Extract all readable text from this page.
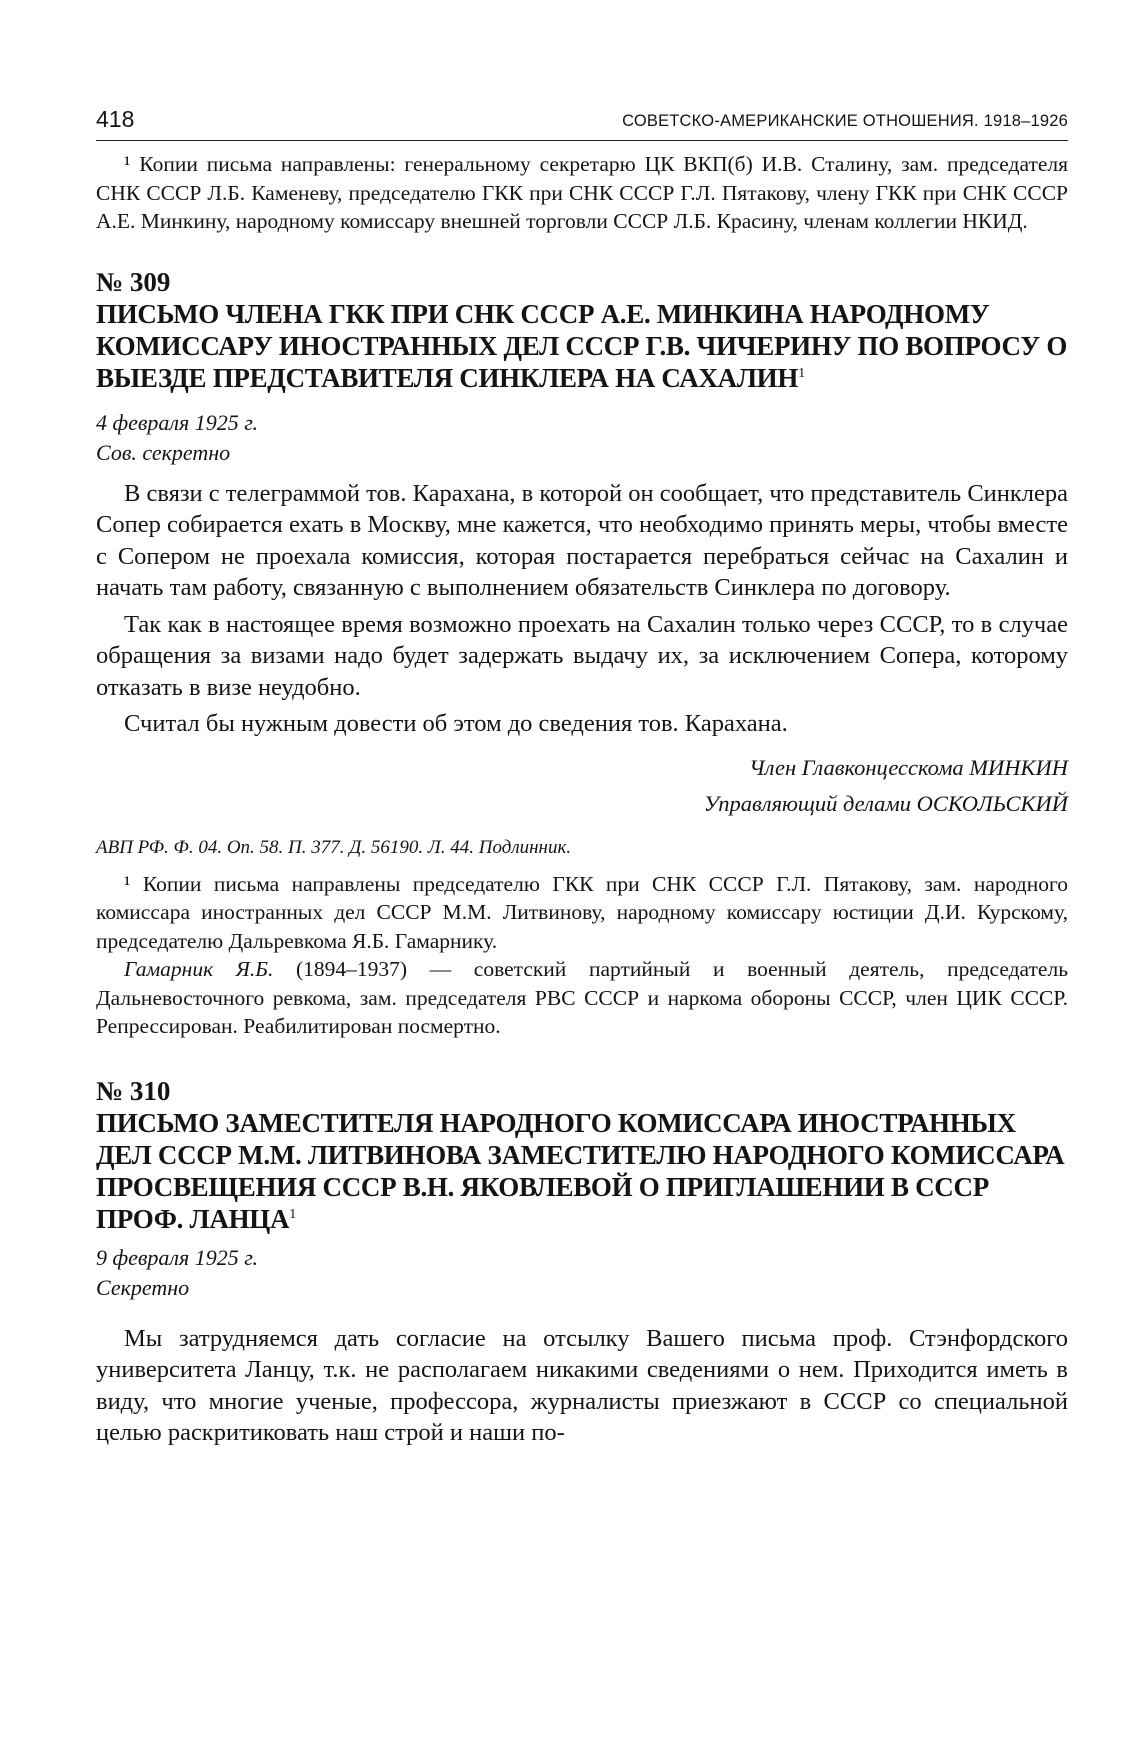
418	СОВЕТСКО-АМЕРИКАНСКИЕ ОТНОШЕНИЯ. 1918–1926

¹ Копии письма направлены: генеральному секретарю ЦК ВКП(б) И.В. Сталину, зам. председателя СНК СССР Л.Б. Каменеву, председателю ГКК при СНК СССР Г.Л. Пятакову, члену ГКК при СНК СССР А.Е. Минкину, народному комиссару внешней торговли СССР Л.Б. Красину, членам коллегии НКИД.

№ 309

ПИСЬМО ЧЛЕНА ГКК ПРИ СНК СССР А.Е. МИНКИНА НАРОДНОМУ КОМИССАРУ ИНОСТРАННЫХ ДЕЛ СССР Г.В. ЧИЧЕРИНУ ПО ВОПРОСУ О ВЫЕЗДЕ ПРЕДСТАВИТЕЛЯ СИНКЛЕРА НА САХАЛИН$^1$

4 февраля 1925 г.

Сов. секретно

В связи с телеграммой тов. Карахана, в которой он сообщает, что представитель Синклера Сопер собирается ехать в Москву, мне кажется, что необходимо принять меры, чтобы вместе с Сопером не проехала комиссия, которая постарается перебраться сейчас на Сахалин и начать там работу, связанную с выполнением обязательств Синклера по договору.

Так как в настоящее время возможно проехать на Сахалин только через СССР, то в случае обращения за визами надо будет задержать выдачу их, за исключением Сопера, которому отказать в визе неудобно.

Считал бы нужным довести об этом до сведения тов. Карахана.

Член Главконцесскома МИНКИН

Управляющий делами ОСКОЛЬСКИЙ

АВП РФ. Ф. 04. Оп. 58. П. 377. Д. 56190. Л. 44. Подлинник.

¹ Копии письма направлены председателю ГКК при СНК СССР Г.Л. Пятакову, зам. народного комиссара иностранных дел СССР М.М. Литвинову, народному комиссару юстиции Д.И. Курскому, председателю Дальревкома Я.Б. Гамарнику.

Гамарник Я.Б. (1894–1937) — советский партийный и военный деятель, председатель Дальневосточного ревкома, зам. председателя РВС СССР и наркома обороны СССР, член ЦИК СССР. Репрессирован. Реабилитирован посмертно.

№ 310

ПИСЬМО ЗАМЕСТИТЕЛЯ НАРОДНОГО КОМИССАРА ИНОСТРАННЫХ ДЕЛ СССР М.М. ЛИТВИНОВА ЗАМЕСТИТЕЛЮ НАРОДНОГО КОМИССАРА ПРОСВЕЩЕНИЯ СССР В.Н. ЯКОВЛЕВОЙ О ПРИГЛАШЕНИИ В СССР ПРОФ. ЛАНЦА$^1$

9 февраля 1925 г.

Секретно

Мы затрудняемся дать согласие на отсылку Вашего письма проф. Стэнфордского университета Ланцу, т.к. не располагаем никакими сведениями о нем. Приходится иметь в виду, что многие ученые, профессора, журналисты приезжают в СССР со специальной целью раскритиковать наш строй и наши по-
